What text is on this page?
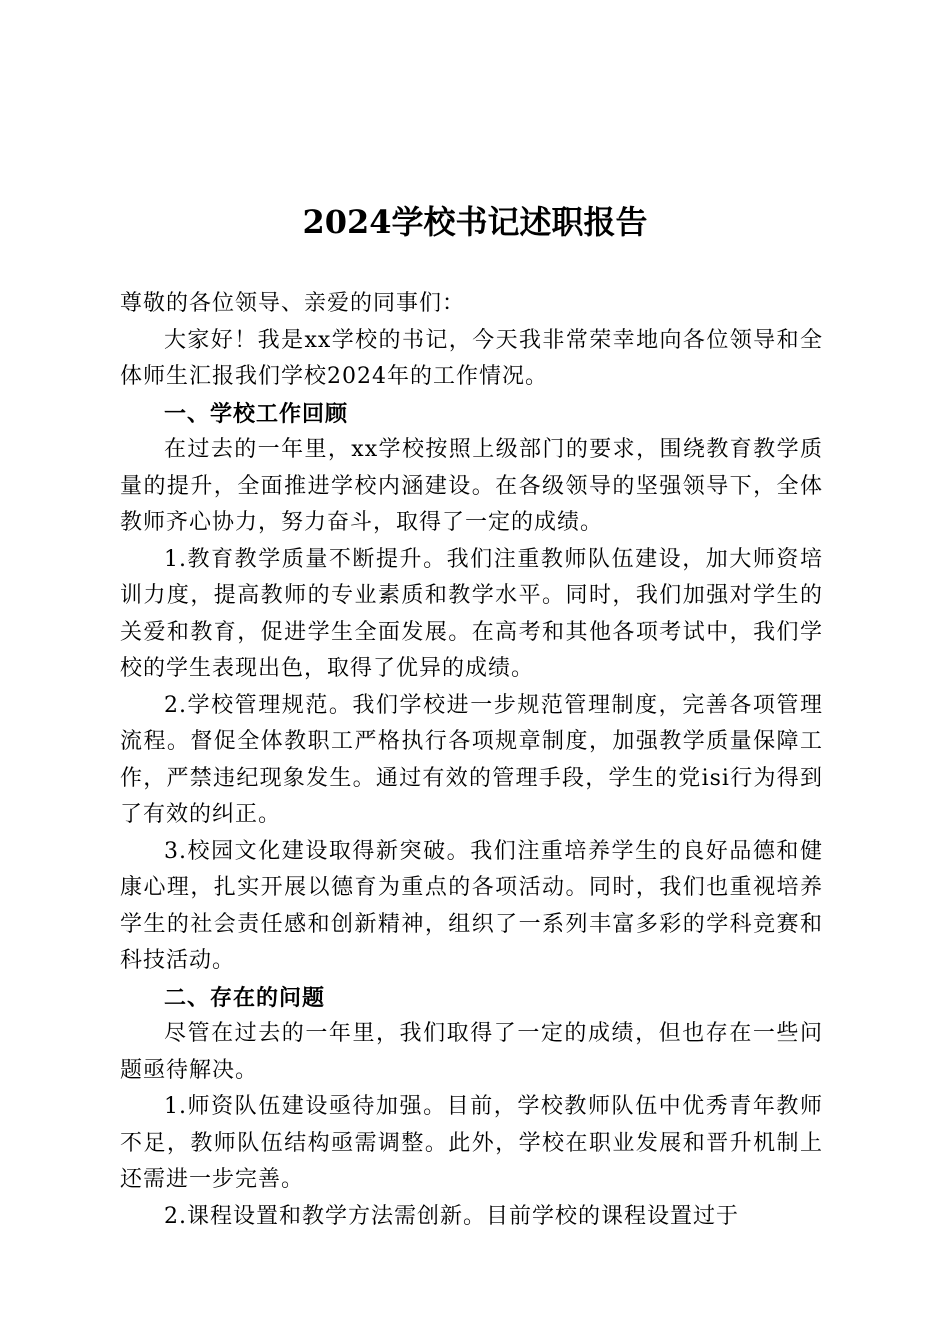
2024学校书记述职报告

尊敬的各位领导、亲爱的同事们：

大家好！我是xx学校的书记，今天我非常荣幸地向各位领导和全体师生汇报我们学校2024年的工作情况。

一、学校工作回顾

在过去的一年里，xx学校按照上级部门的要求，围绕教育教学质量的提升，全面推进学校内涵建设。在各级领导的坚强领导下，全体教师齐心协力，努力奋斗，取得了一定的成绩。

1.教育教学质量不断提升。我们注重教师队伍建设，加大师资培训力度，提高教师的专业素质和教学水平。同时，我们加强对学生的关爱和教育，促进学生全面发展。在高考和其他各项考试中，我们学校的学生表现出色，取得了优异的成绩。

2.学校管理规范。我们学校进一步规范管理制度，完善各项管理流程。督促全体教职工严格执行各项规章制度，加强教学质量保障工作，严禁违纪现象发生。通过有效的管理手段，学生的党isi行为得到了有效的纠正。

3.校园文化建设取得新突破。我们注重培养学生的良好品德和健康心理，扎实开展以德育为重点的各项活动。同时，我们也重视培养学生的社会责任感和创新精神，组织了一系列丰富多彩的学科竞赛和科技活动。

二、存在的问题

尽管在过去的一年里，我们取得了一定的成绩，但也存在一些问题亟待解决。

1.师资队伍建设亟待加强。目前，学校教师队伍中优秀青年教师不足，教师队伍结构亟需调整。此外，学校在职业发展和晋升机制上还需进一步完善。

2.课程设置和教学方法需创新。目前学校的课程设置过于
